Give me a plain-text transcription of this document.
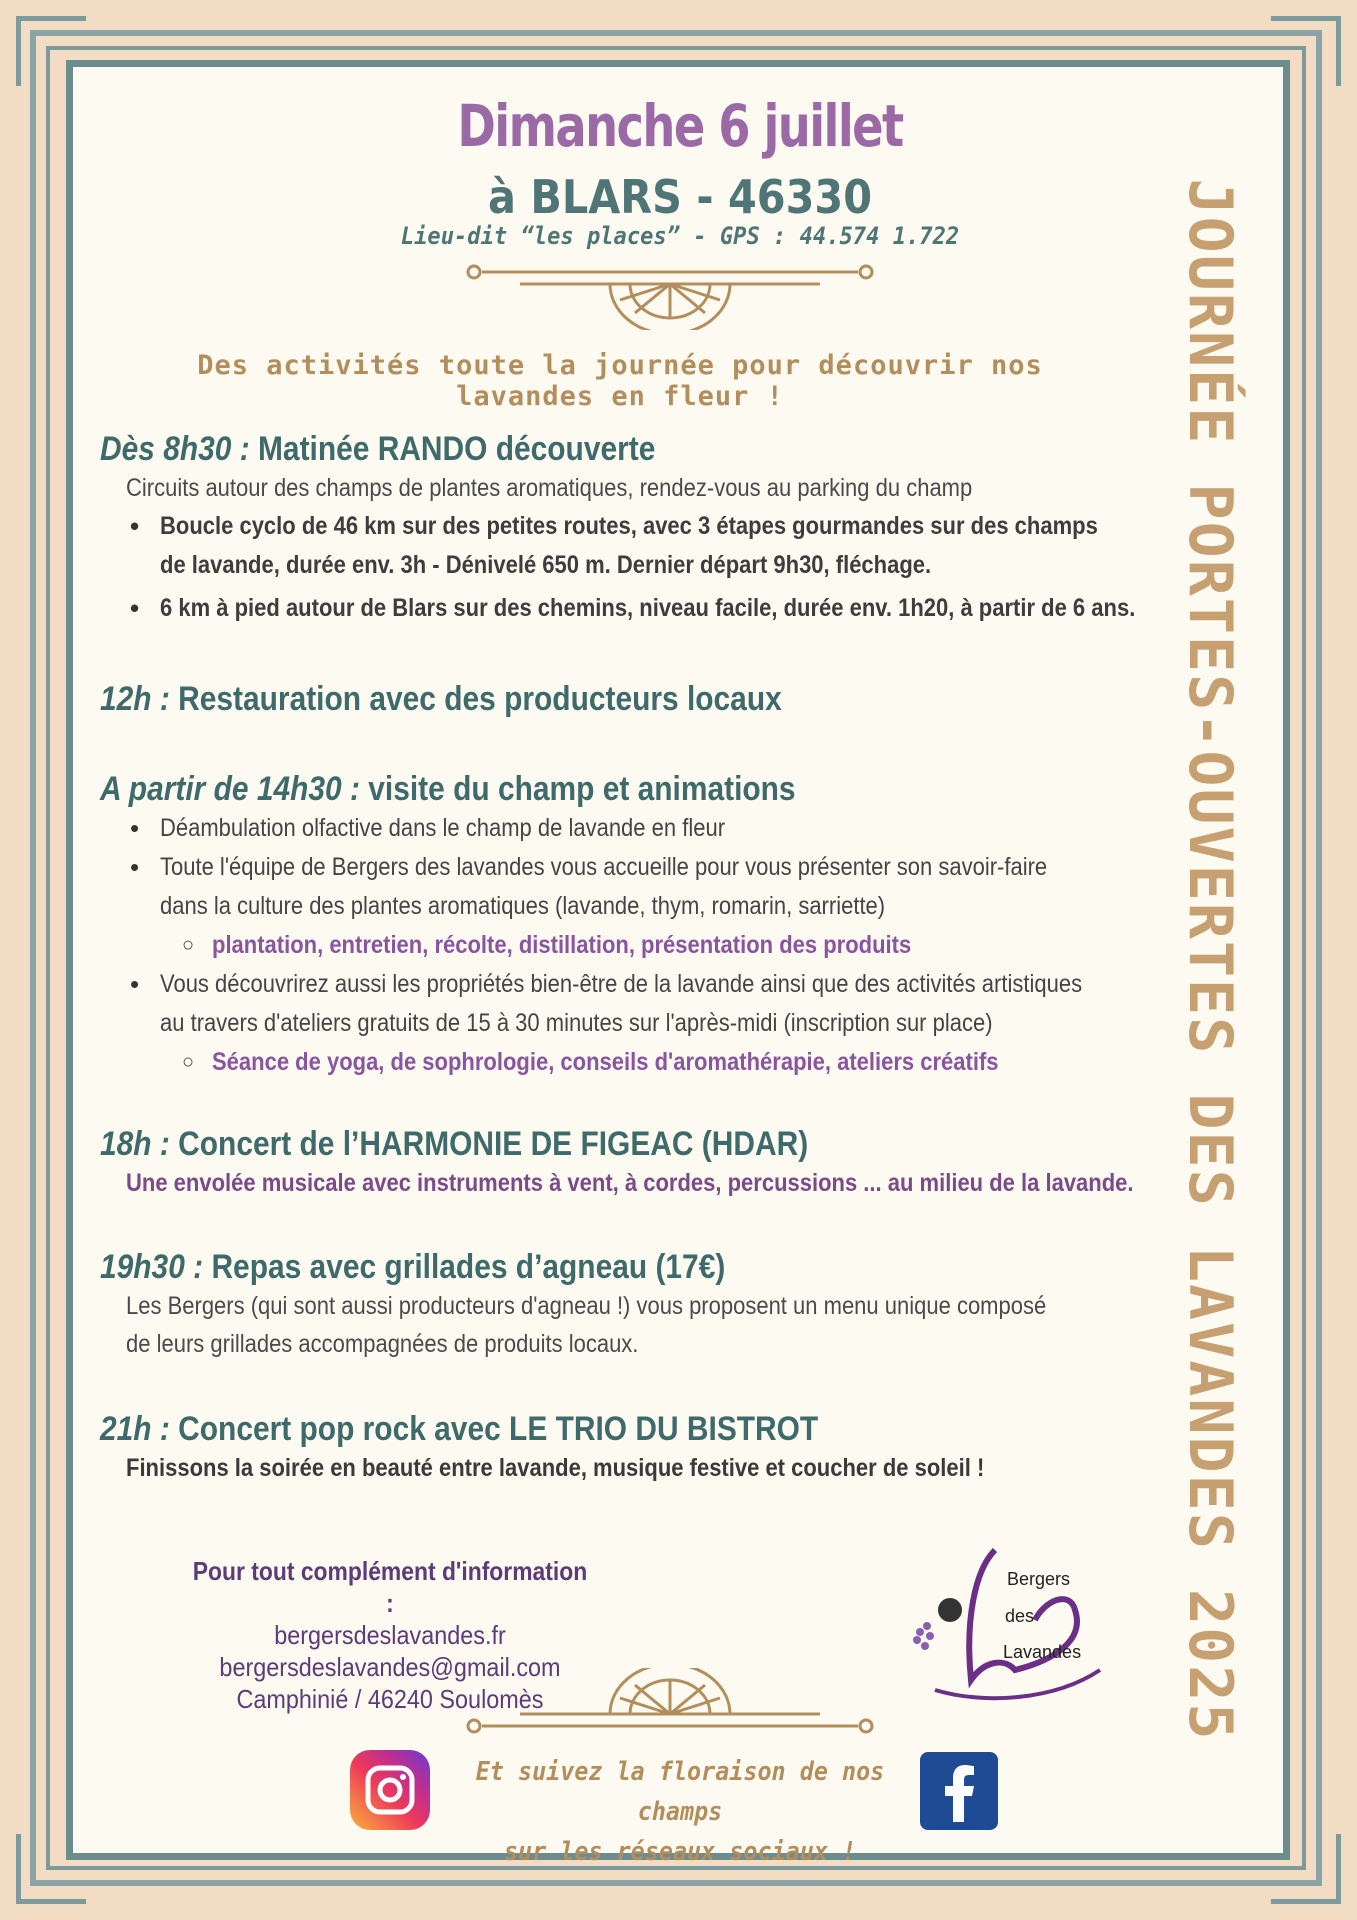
Dimanche 6 juillet
à BLARS - 46330
Lieu-dit “les places” - GPS : 44.574 1.722
Des activités toute la journée pour découvrir nos lavandes en fleur !	JOURNÉE PORTES-OUVERTES DES LAVANDES 2025
Dès 8h30 : Matinée RANDO découverte
Circuits autour des champs de plantes aromatiques, rendez-vous au parking du champ
• Boucle cyclo de 46 km sur des petites routes, avec 3 étapes gourmandes sur des champs
de lavande, durée env. 3h - Dénivelé 650 m. Dernier départ 9h30, fléchage.
• 6 km à pied autour de Blars sur des chemins, niveau facile, durée env. 1h20, à partir de 6 ans.
12h : Restauration avec des producteurs locaux
A partir de 14h30 : visite du champ et animations
• Déambulation olfactive dans le champ de lavande en fleur
• Toute l'équipe de Bergers des lavandes vous accueille pour vous présenter son savoir-faire
dans la culture des plantes aromatiques (lavande, thym, romarin, sarriette)
○ plantation, entretien, récolte, distillation, présentation des produits
• Vous découvrirez aussi les propriétés bien-être de la lavande ainsi que des activités artistiques
au travers d'ateliers gratuits de 15 à 30 minutes sur l'après-midi (inscription sur place)
○ Séance de yoga, de sophrologie, conseils d'aromathérapie, ateliers créatifs
18h : Concert de l’HARMONIE DE FIGEAC (HDAR)
Une envolée musicale avec instruments à vent, à cordes, percussions ... au milieu de la lavande.
19h30 : Repas avec grillades d’agneau (17€)
Les Bergers (qui sont aussi producteurs d'agneau !) vous proposent un menu unique composé
de leurs grillades accompagnées de produits locaux.
21h : Concert pop rock avec LE TRIO DU BISTROT
Finissons la soirée en beauté entre lavande, musique festive et coucher de soleil !
Pour tout complément d'information :
bergersdeslavandes.fr
bergersdeslavandes@gmail.com
Camphinié / 46240 Soulomès
Bergers
des
Lavandes
Et suivez la floraison de nos champs
sur les réseaux sociaux !
